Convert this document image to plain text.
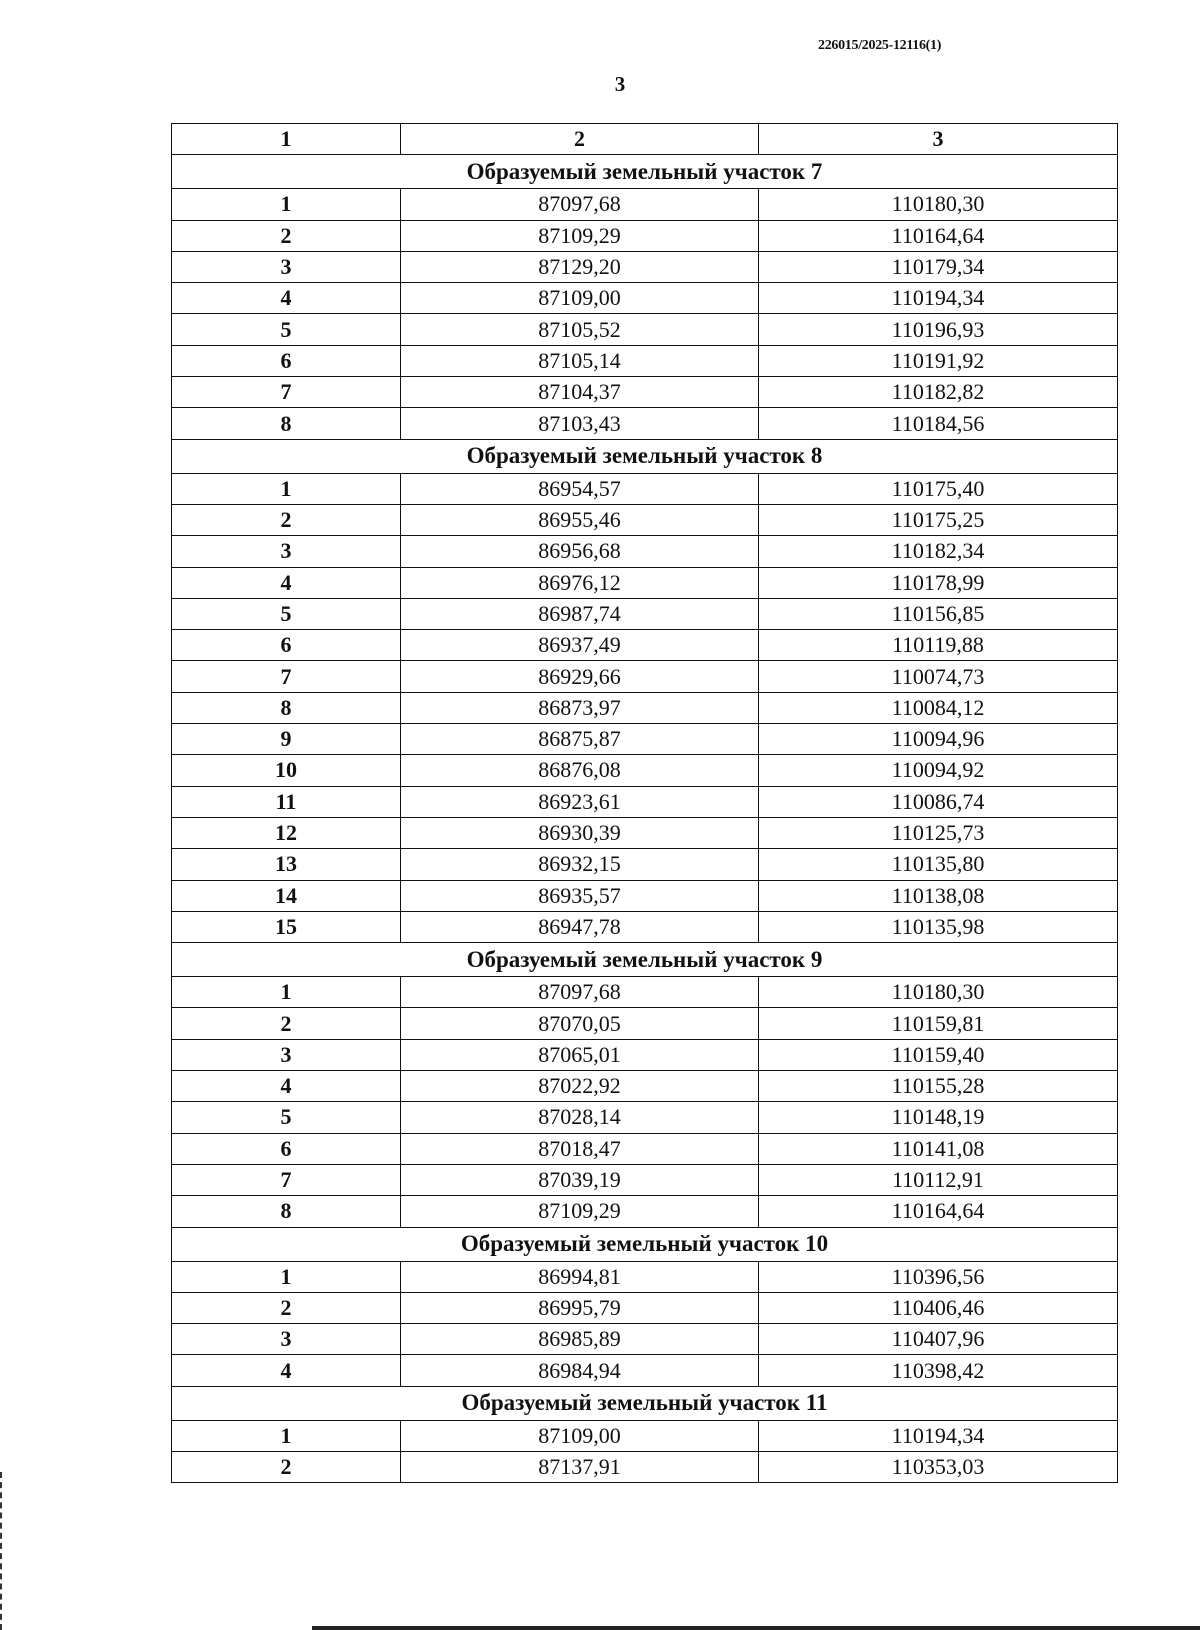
226015/2025-12116(1)
3
1	2	3
Образуемый земельный участок 7		
1	87097,68	110180,30
2	87109,29	110164,64
3	87129,20	110179,34
4	87109,00	110194,34
5	87105,52	110196,93
6	87105,14	110191,92
7	87104,37	110182,82
8	87103,43	110184,56
Образуемый земельный участок 8		
1	86954,57	110175,40
2	86955,46	110175,25
3	86956,68	110182,34
4	86976,12	110178,99
5	86987,74	110156,85
6	86937,49	110119,88
7	86929,66	110074,73
8	86873,97	110084,12
9	86875,87	110094,96
10	86876,08	110094,92
11	86923,61	110086,74
12	86930,39	110125,73
13	86932,15	110135,80
14	86935,57	110138,08
15	86947,78	110135,98
Образуемый земельный участок 9		
1	87097,68	110180,30
2	87070,05	110159,81
3	87065,01	110159,40
4	87022,92	110155,28
5	87028,14	110148,19
6	87018,47	110141,08
7	87039,19	110112,91
8	87109,29	110164,64
Образуемый земельный участок 10		
1	86994,81	110396,56
2	86995,79	110406,46
3	86985,89	110407,96
4	86984,94	110398,42
Образуемый земельный участок 11		
1	87109,00	110194,34
2	87137,91	110353,03
